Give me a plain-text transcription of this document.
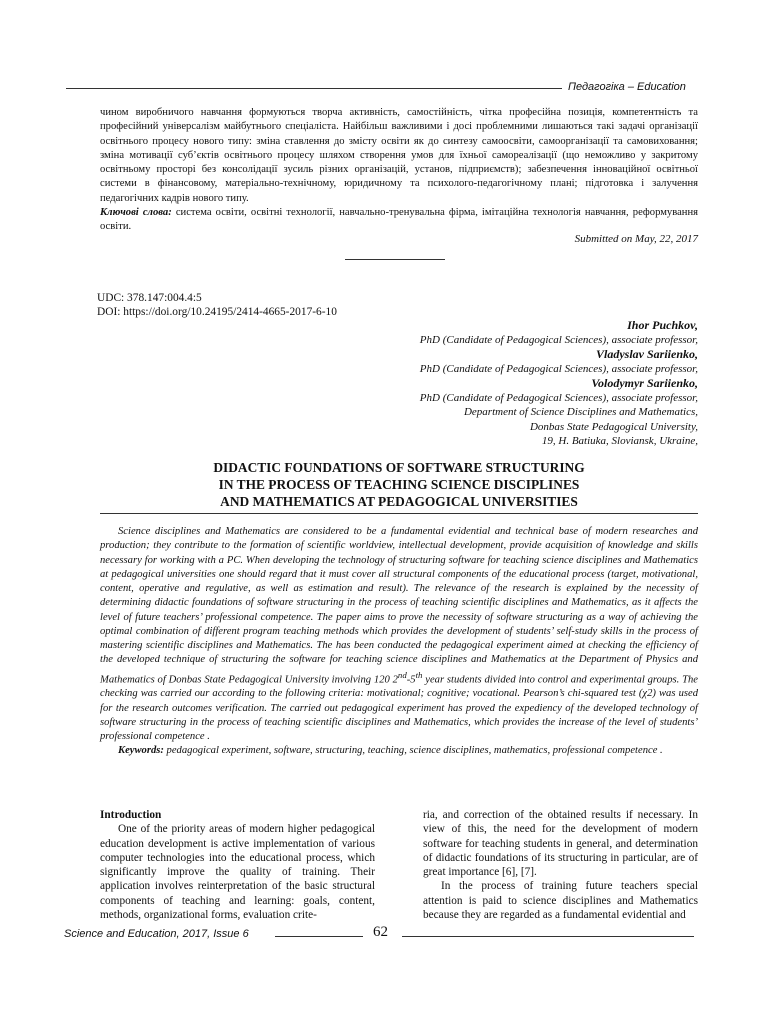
Педагогіка – Education

чином виробничого навчання формуються творча активність, самостійність, чітка професійна позиція, компетентність та професійний універсалізм майбутнього спеціаліста. Найбільш важливими і досі проблемними лишаються такі задачі організації освітнього процесу нового типу: зміна ставлення до змісту освіти як до синтезу самоосвіти, самоорганізації та самовиховання; зміна мотивації суб’єктів освітнього процесу шляхом створення умов для їхньої самореалізації (що неможливо у закритому освітньому просторі без консолідації зусиль різних організацій, установ, підприємств); забезпечення інноваційної освітньої системи в фінансовому, матеріально-технічному, юридичному та психолого-педагогічному плані; підготовка і залучення педагогічних кадрів нового типу.

Ключові слова: система освіти, освітні технології, навчально-тренувальна фірма, імітаційна технологія навчання, реформування освіти.

Submitted on May, 22, 2017
UDC: 378.147:004.4:5
DOI: https://doi.org/10.24195/2414-4665-2017-6-10
Ihor Puchkov,
PhD (Candidate of Pedagogical Sciences), associate professor,
Vladyslav Sariienko,
PhD (Candidate of Pedagogical Sciences), associate professor,
Volodymyr Sariienko,
PhD (Candidate of Pedagogical Sciences), associate professor,
Department of Science Disciplines and Mathematics,
Donbas State Pedagogical University,
19, H. Batiuka, Sloviansk, Ukraine,
DIDACTIC FOUNDATIONS OF SOFTWARE STRUCTURING
IN THE PROCESS OF TEACHING SCIENCE DISCIPLINES
AND MATHEMATICS AT PEDAGOGICAL UNIVERSITIES

Science disciplines and Mathematics are considered to be a fundamental evidential and technical base of modern researches and production; they contribute to the formation of scientific worldview, intellectual development, provide acquisition of knowledge and skills necessary for working with a PC. When developing the technology of structuring software for teaching science disciplines and Mathematics at pedagogical universities one should regard that it must cover all structural components of the educational process (target, motivational, content, operative and regulative, as well as estimation and result). The relevance of the research is explained by the necessity of determining didactic foundations of software structuring in the process of teaching scientific disciplines and Mathematics, as it affects the level of future teachers’ professional competence. The paper aims to prove the necessity of software structuring as a way of achieving the optimal combination of different program teaching methods which provides the development of students’ self-study skills in the process of mastering scientific disciplines and Mathematics. The has been conducted the pedagogical experiment aimed at checking the efficiency of the developed technique of structuring the software for teaching science disciplines and Mathematics at the Department of Physics and Mathematics of Donbas State Pedagogical University involving 120 2nd-5th year students divided into control and experimental groups. The checking was carried our according to the following criteria: motivational; cognitive; vocational. Pearson’s chi-squared test (χ2) was used for the research outcomes verification. The carried out pedagogical experiment has proved the expediency of the developed technology of software structuring in the process of teaching scientific disciplines and Mathematics, which provides the increase of the level of students’ professional competence .

Keywords: pedagogical experiment, software, structuring, teaching, science disciplines, mathematics, professional competence .

Introduction

One of the priority areas of modern higher pedagogical education development is active implementation of various computer technologies into the educational process, which significantly improve the quality of training. Their application involves reinterpretation of the basic structural components of teaching and learning: goals, content, methods, organizational forms, evaluation crite-

ria, and correction of the obtained results if necessary. In view of this, the need for the development of modern software for teaching students in general, and determination of didactic foundations of its structuring in particular, are of great importance [6], [7].

In the process of training future teachers special attention is paid to science disciplines and Mathematics because they are regarded as a fundamental evidential and

Science and Education, 2017, Issue 6	62
